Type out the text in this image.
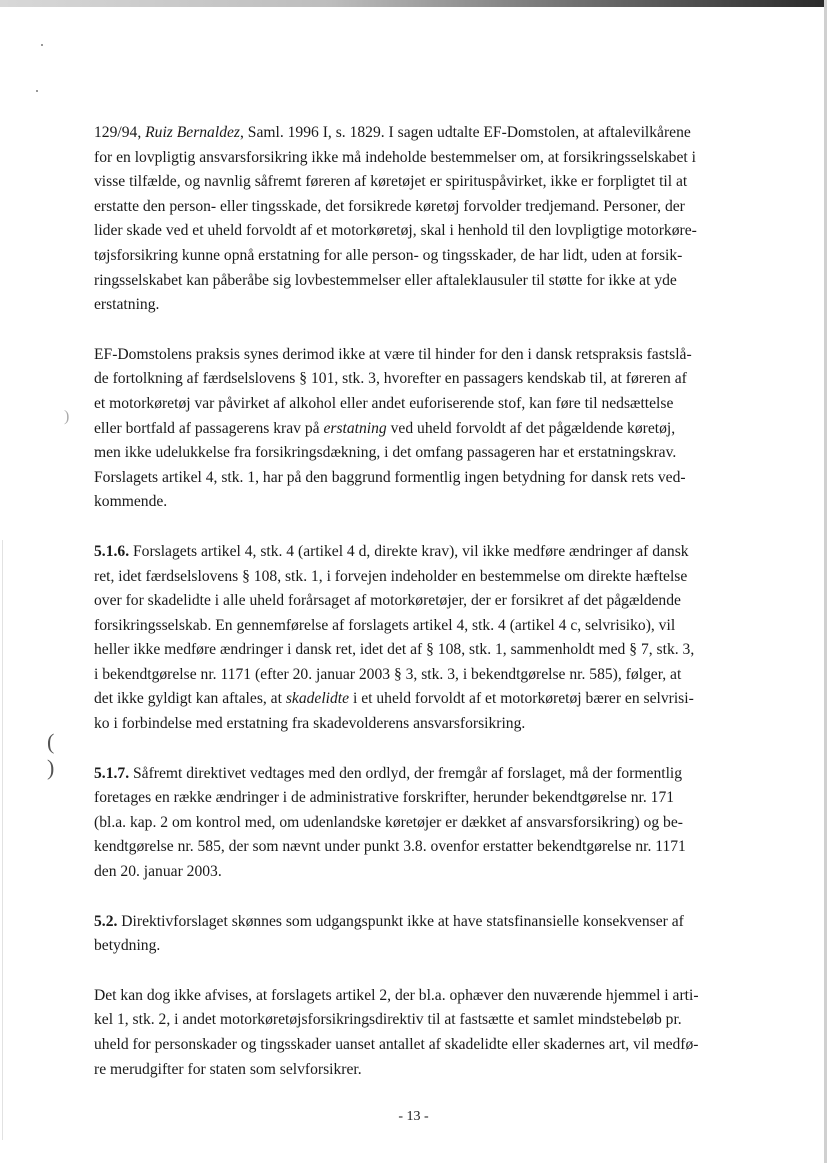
)
( )

129/94, Ruiz Bernaldez, Saml. 1996 I, s. 1829. I sagen udtalte EF-Domstolen, at aftalevilkårene
for en lovpligtig ansvarsforsikring ikke må indeholde bestemmelser om, at forsikringsselskabet i
visse tilfælde, og navnlig såfremt føreren af køretøjet er spirituspåvirket, ikke er forpligtet til at
erstatte den person- eller tingsskade, det forsikrede køretøj forvolder tredjemand. Personer, der
lider skade ved et uheld forvoldt af et motorkøretøj, skal i henhold til den lovpligtige motorkøre-
tøjsforsikring kunne opnå erstatning for alle person- og tingsskader, de har lidt, uden at forsik-
ringsselskabet kan påberåbe sig lovbestemmelser eller aftaleklausuler til støtte for ikke at yde
erstatning.

EF-Domstolens praksis synes derimod ikke at være til hinder for den i dansk retspraksis fastslå-
de fortolkning af færdselslovens § 101, stk. 3, hvorefter en passagers kendskab til, at føreren af
et motorkøretøj var påvirket af alkohol eller andet euforiserende stof, kan føre til nedsættelse
eller bortfald af passagerens krav på erstatning ved uheld forvoldt af det pågældende køretøj,
men ikke udelukkelse fra forsikringsdækning, i det omfang passageren har et erstatningskrav.
Forslagets artikel 4, stk. 1, har på den baggrund formentlig ingen betydning for dansk rets ved-
kommende.

5.1.6. Forslagets artikel 4, stk. 4 (artikel 4 d, direkte krav), vil ikke medføre ændringer af dansk
ret, idet færdselslovens § 108, stk. 1, i forvejen indeholder en bestemmelse om direkte hæftelse
over for skadelidte i alle uheld forårsaget af motorkøretøjer, der er forsikret af det pågældende
forsikringsselskab. En gennemførelse af forslagets artikel 4, stk. 4 (artikel 4 c, selvrisiko), vil
heller ikke medføre ændringer i dansk ret, idet det af § 108, stk. 1, sammenholdt med § 7, stk. 3,
i bekendtgørelse nr. 1171 (efter 20. januar 2003 § 3, stk. 3, i bekendtgørelse nr. 585), følger, at
det ikke gyldigt kan aftales, at skadelidte i et uheld forvoldt af et motorkøretøj bærer en selvrisi-
ko i forbindelse med erstatning fra skadevolderens ansvarsforsikring.

5.1.7. Såfremt direktivet vedtages med den ordlyd, der fremgår af forslaget, må der formentlig
foretages en række ændringer i de administrative forskrifter, herunder bekendtgørelse nr. 171
(bl.a. kap. 2 om kontrol med, om udenlandske køretøjer er dækket af ansvarsforsikring) og be-
kendtgørelse nr. 585, der som nævnt under punkt 3.8. ovenfor erstatter bekendtgørelse nr. 1171
den 20. januar 2003.

5.2. Direktivforslaget skønnes som udgangspunkt ikke at have statsfinansielle konsekvenser af
betydning.

Det kan dog ikke afvises, at forslagets artikel 2, der bl.a. ophæver den nuværende hjemmel i arti-
kel 1, stk. 2, i andet motorkøretøjsforsikringsdirektiv til at fastsætte et samlet mindstebeløb pr.
uheld for personskader og tingsskader uanset antallet af skadelidte eller skadernes art, vil medfø-
re merudgifter for staten som selvforsikrer.

- 13 -
